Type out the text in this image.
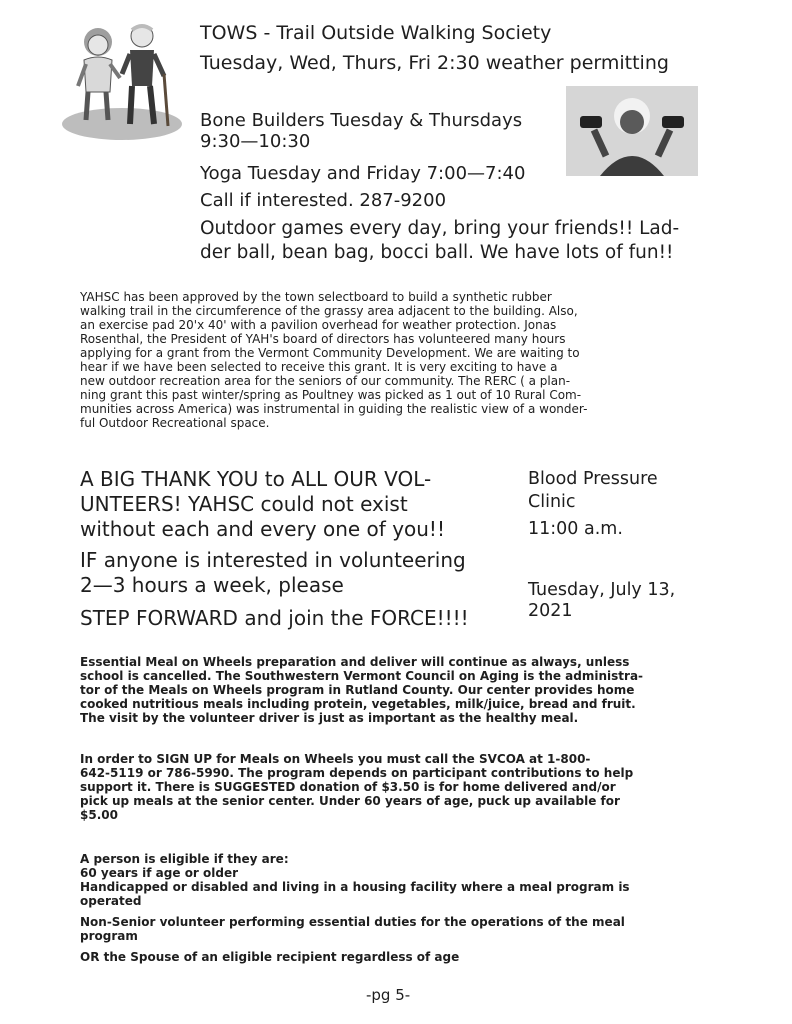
TOWS - Trail Outside Walking Society
Tuesday, Wed, Thurs, Fri 2:30 weather permitting
Bone Builders Tuesday & Thursdays
9:30—10:30
Yoga Tuesday and Friday 7:00—7:40
Call if interested. 287-9200
Outdoor games every day, bring your friends!! Lad-
der ball, bean bag, bocci ball. We have lots of fun!!
YAHSC has been approved by the town selectboard to build a synthetic rubber
walking trail in the circumference of the grassy area adjacent to the building. Also,
an exercise pad 20'x 40' with a pavilion overhead for weather protection. Jonas
Rosenthal, the President of YAH's board of directors has volunteered many hours
applying for a grant from the Vermont Community Development. We are waiting to
hear if we have been selected to receive this grant. It is very exciting to have a
new outdoor recreation area for the seniors of our community. The RERC ( a plan-
ning grant this past winter/spring as Poultney was picked as 1 out of 10 Rural Com-
munities across America) was instrumental in guiding the realistic view of a wonder-
ful Outdoor Recreational space.
A BIG THANK YOU to ALL OUR VOL-
UNTEERS! YAHSC could not exist
without each and every one of you!!
IF anyone is interested in volunteering
2—3 hours a week, please
STEP FORWARD and join the FORCE!!!!
Blood Pressure
Clinic
11:00 a.m.
Tuesday, July 13,
2021
Essential Meal on Wheels preparation and deliver will continue as always, unless
school is cancelled. The Southwestern Vermont Council on Aging is the administra-
tor of the Meals on Wheels program in Rutland County. Our center provides home
cooked nutritious meals including protein, vegetables, milk/juice, bread and fruit.
The visit by the volunteer driver is just as important as the healthy meal.
In order to SIGN UP for Meals on Wheels you must call the SVCOA at 1-800-
642-5119 or 786-5990. The program depends on participant contributions to help
support it. There is SUGGESTED donation of $3.50 is for home delivered and/or
pick up meals at the senior center. Under 60 years of age, puck up available for
$5.00
A person is eligible if they are:
60 years if age or older
Handicapped or disabled and living in a housing facility where a meal program is
operated
Non-Senior volunteer performing essential duties for the operations of the meal
program
OR the Spouse of an eligible recipient regardless of age
-pg 5-
